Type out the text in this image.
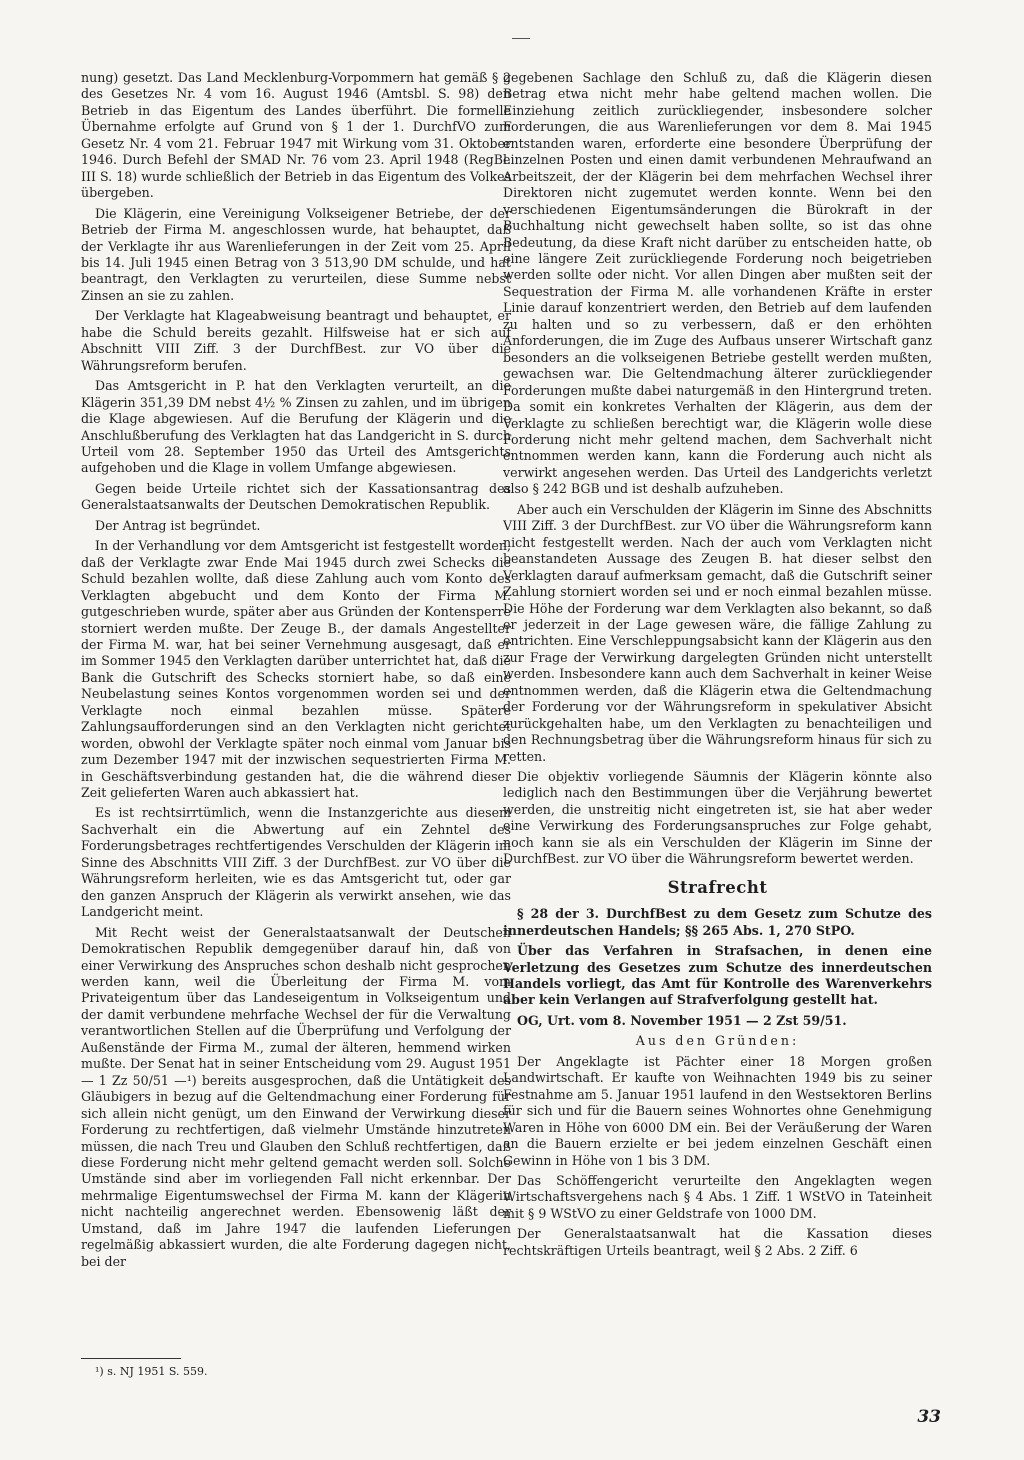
nung) gesetzt. Das Land Mecklenburg-Vorpommern hat gemäß § 2 des Gesetzes Nr. 4 vom 16. August 1946 (Amtsbl. S. 98) den Betrieb in das Eigentum des Landes überführt. Die formelle Übernahme erfolgte auf Grund von § 1 der 1. DurchfVO zum Gesetz Nr. 4 vom 21. Februar 1947 mit Wirkung vom 31. Oktober 1946. Durch Befehl der SMAD Nr. 76 vom 23. April 1948 (RegBl. III S. 18) wurde schließlich der Betrieb in das Eigentum des Volkes übergeben.

Die Klägerin, eine Vereinigung Volkseigener Betriebe, der der Betrieb der Firma M. angeschlossen wurde, hat behauptet, daß der Verklagte ihr aus Warenlieferungen in der Zeit vom 25. April bis 14. Juli 1945 einen Betrag von 3 513,90 DM schulde, und hat beantragt, den Verklagten zu verurteilen, diese Summe nebst Zinsen an sie zu zahlen.

Der Verklagte hat Klageabweisung beantragt und behauptet, er habe die Schuld bereits gezahlt. Hilfsweise hat er sich auf Abschnitt VIII Ziff. 3 der DurchfBest. zur VO über die Währungsreform berufen.

Das Amtsgericht in P. hat den Verklagten verurteilt, an die Klägerin 351,39 DM nebst 4½ % Zinsen zu zahlen, und im übrigen die Klage abgewiesen. Auf die Berufung der Klägerin und die Anschlußberufung des Verklagten hat das Landgericht in S. durch Urteil vom 28. September 1950 das Urteil des Amtsgerichts aufgehoben und die Klage in vollem Umfange abgewiesen.

Gegen beide Urteile richtet sich der Kassationsantrag des Generalstaatsanwalts der Deutschen Demokratischen Republik.

Der Antrag ist begründet.

In der Verhandlung vor dem Amtsgericht ist festgestellt worden, daß der Verklagte zwar Ende Mai 1945 durch zwei Schecks die Schuld bezahlen wollte, daß diese Zahlung auch vom Konto des Verklagten abgebucht und dem Konto der Firma M. gutgeschrieben wurde, später aber aus Gründen der Kontensperre storniert werden mußte. Der Zeuge B., der damals Angestellter der Firma M. war, hat bei seiner Vernehmung ausgesagt, daß er im Sommer 1945 den Verklagten darüber unterrichtet hat, daß die Bank die Gutschrift des Schecks storniert habe, so daß eine Neubelastung seines Kontos vorgenommen worden sei und der Verklagte noch einmal bezahlen müsse. Spätere Zahlungsaufforderungen sind an den Verklagten nicht gerichtet worden, obwohl der Verklagte später noch einmal vom Januar bis zum Dezember 1947 mit der inzwischen sequestrierten Firma M. in Geschäftsverbindung gestanden hat, die die während dieser Zeit gelieferten Waren auch abkassiert hat.

Es ist rechtsirrtümlich, wenn die Instanzgerichte aus diesem Sachverhalt ein die Abwertung auf ein Zehntel des Forderungsbetrages rechtfertigendes Verschulden der Klägerin im Sinne des Abschnitts VIII Ziff. 3 der DurchfBest. zur VO über die Währungsreform herleiten, wie es das Amtsgericht tut, oder gar den ganzen Anspruch der Klägerin als verwirkt ansehen, wie das Landgericht meint.

Mit Recht weist der Generalstaatsanwalt der Deutschen Demokratischen Republik demgegenüber darauf hin, daß von einer Verwirkung des Anspruches schon deshalb nicht gesprochen werden kann, weil die Überleitung der Firma M. vom Privateigentum über das Landeseigentum in Volkseigentum und der damit verbundene mehrfache Wechsel der für die Verwaltung verantwortlichen Stellen auf die Überprüfung und Verfolgung der Außenstände der Firma M., zumal der älteren, hemmend wirken mußte. Der Senat hat in seiner Entscheidung vom 29. August 1951 — 1 Zz 50/51 —¹) bereits ausgesprochen, daß die Untätigkeit des Gläubigers in bezug auf die Geltendmachung einer Forderung für sich allein nicht genügt, um den Einwand der Verwirkung dieser Forderung zu rechtfertigen, daß vielmehr Umstände hinzutreten müssen, die nach Treu und Glauben den Schluß rechtfertigen, daß diese Forderung nicht mehr geltend gemacht werden soll. Solche Umstände sind aber im vorliegenden Fall nicht erkennbar. Der mehrmalige Eigentumswechsel der Firma M. kann der Klägerin nicht nachteilig angerechnet werden. Ebensowenig läßt der Umstand, daß im Jahre 1947 die laufenden Lieferungen regelmäßig abkassiert wurden, die alte Forderung dagegen nicht, bei der

¹) s. NJ 1951 S. 559.

gegebenen Sachlage den Schluß zu, daß die Klägerin diesen Betrag etwa nicht mehr habe geltend machen wollen. Die Einziehung zeitlich zurückliegender, insbesondere solcher Forderungen, die aus Warenlieferungen vor dem 8. Mai 1945 entstanden waren, erforderte eine besondere Überprüfung der einzelnen Posten und einen damit verbundenen Mehraufwand an Arbeitszeit, der der Klägerin bei dem mehrfachen Wechsel ihrer Direktoren nicht zugemutet werden konnte. Wenn bei den verschiedenen Eigentumsänderungen die Bürokraft in der Buchhaltung nicht gewechselt haben sollte, so ist das ohne Bedeutung, da diese Kraft nicht darüber zu entscheiden hatte, ob eine längere Zeit zurückliegende Forderung noch beigetrieben werden sollte oder nicht. Vor allen Dingen aber mußten seit der Sequestration der Firma M. alle vorhandenen Kräfte in erster Linie darauf konzentriert werden, den Betrieb auf dem laufenden zu halten und so zu verbessern, daß er den erhöhten Anforderungen, die im Zuge des Aufbaus unserer Wirtschaft ganz besonders an die volkseigenen Betriebe gestellt werden mußten, gewachsen war. Die Geltendmachung älterer zurückliegender Forderungen mußte dabei naturgemäß in den Hintergrund treten. Da somit ein konkretes Verhalten der Klägerin, aus dem der Verklagte zu schließen berechtigt war, die Klägerin wolle diese Forderung nicht mehr geltend machen, dem Sachverhalt nicht entnommen werden kann, kann die Forderung auch nicht als verwirkt angesehen werden. Das Urteil des Landgerichts verletzt also § 242 BGB und ist deshalb aufzuheben.

Aber auch ein Verschulden der Klägerin im Sinne des Abschnitts VIII Ziff. 3 der DurchfBest. zur VO über die Währungsreform kann nicht festgestellt werden. Nach der auch vom Verklagten nicht beanstandeten Aussage des Zeugen B. hat dieser selbst den Verklagten darauf aufmerksam gemacht, daß die Gutschrift seiner Zahlung storniert worden sei und er noch einmal bezahlen müsse. Die Höhe der Forderung war dem Verklagten also bekannt, so daß er jederzeit in der Lage gewesen wäre, die fällige Zahlung zu entrichten. Eine Verschleppungsabsicht kann der Klägerin aus den zur Frage der Verwirkung dargelegten Gründen nicht unterstellt werden. Insbesondere kann auch dem Sachverhalt in keiner Weise entnommen werden, daß die Klägerin etwa die Geltendmachung der Forderung vor der Währungsreform in spekulativer Absicht zurückgehalten habe, um den Verklagten zu benachteiligen und den Rechnungsbetrag über die Währungsreform hinaus für sich zu retten.

Die objektiv vorliegende Säumnis der Klägerin könnte also lediglich nach den Bestimmungen über die Verjährung bewertet werden, die unstreitig nicht eingetreten ist, sie hat aber weder eine Verwirkung des Forderungsanspruches zur Folge gehabt, noch kann sie als ein Verschulden der Klägerin im Sinne der DurchfBest. zur VO über die Währungsreform bewertet werden.

Strafrecht

§ 28 der 3. DurchfBest zu dem Gesetz zum Schutze des innerdeutschen Handels; §§ 265 Abs. 1, 270 StPO.

Über das Verfahren in Strafsachen, in denen eine Verletzung des Gesetzes zum Schutze des innerdeutschen Handels vorliegt, das Amt für Kontrolle des Warenverkehrs aber kein Verlangen auf Strafverfolgung gestellt hat.

OG, Urt. vom 8. November 1951 — 2 Zst 59/51.

Aus den Gründen:

Der Angeklagte ist Pächter einer 18 Morgen großen Landwirtschaft. Er kaufte von Weihnachten 1949 bis zu seiner Festnahme am 5. Januar 1951 laufend in den Westsektoren Berlins für sich und für die Bauern seines Wohnortes ohne Genehmigung Waren in Höhe von 6000 DM ein. Bei der Veräußerung der Waren an die Bauern erzielte er bei jedem einzelnen Geschäft einen Gewinn in Höhe von 1 bis 3 DM.

Das Schöffengericht verurteilte den Angeklagten wegen Wirtschaftsvergehens nach § 4 Abs. 1 Ziff. 1 WStVO in Tateinheit mit § 9 WStVO zu einer Geldstrafe von 1000 DM.

Der Generalstaatsanwalt hat die Kassation dieses rechtskräftigen Urteils beantragt, weil § 2 Abs. 2 Ziff. 6

33
